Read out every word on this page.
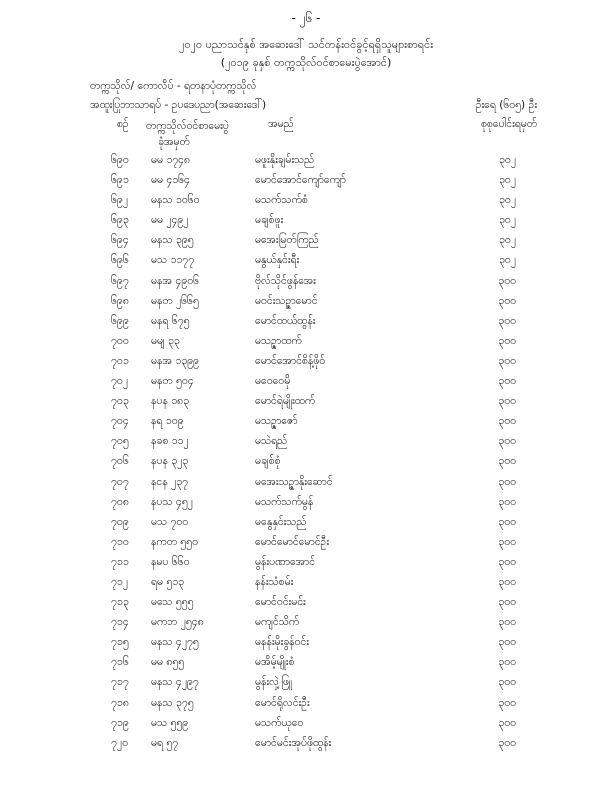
- ၂၆ -
၂၀၂၀ ပညာသင်နှစ် အဆေးဒေါ် သင်တန်းဝင်ခွင့်ရရှိသူများစာရင်း
(၂၀၁၉ ခုနှစ် တက္ကသိုလ်ဝင်စာမေးပွဲအောင်)
တက္ကသိုလ်/ ကောလိပ် - ရတနာပုံတက္ကသိုလ်
အထူးပြုဘာသာရပ် - ဥပဒေပညာ(အဆေးဒေါ်)	ဦးရေ (၆၀၅) ဦး
စဉ် တက္ကသိုလ်ဝင်စာမေးပွဲ
ခုံအမှတ်
အမည်	စုစုပေါင်းရမှတ်
၆၉၀ မမ ၁၇၄၈	မဖူးနိုးချမ်းသည်	၃၀၂
၆၉၁ မမ ၄၁၆၄	မောင်အောင်ကျော်ကျော်	၃၀၂
၆၉၂ မနသ ၁၀၆၀	မသက်သက်စံ	၃၀၂
၆၉၃ မမ ၂၄၉၂	မချစ်ဖူး	၃၀၂
၆၉၄ မနသ ၃၉၅	မအေးမြတ်ကြည်	၃၀၂
၆၉၆ မသ ၁၁၇၇	မနွယ်နှင်းရီး	၃၀၂
၆၉၇ မနအ ၄၉၀၆	ဗိုလ်သိုင်ဖွန်အေး	၃၀၀
၆၉၈ မနတ ၂၆၆၅	မဝင်းသဉ္ဇာမောင်	၃၀၀
၆၉၉ မနရ ၆၇၅	မောင်ထယ်ထွန်း	၃၀၀
၇၀၀ မမျ ၃၃	မသဉ္ဇာထက်	၃၀၀
၇၀၁ မနအ ၁၃၉၉	မောင်အောင်စိန့်ဖိုဝ်	၃၀၀
၇၀၂ မနတ ၅၀၄	မဝေဝေမို	၃၀၀
၇၀၃ နပန ၁၈၃	မောင်ရဲမျိုးထက်	၃၀၀
၇၀၄ နရ ၁၀၉	မသဉ္ဇာဇော်	၃၀၀
၇၀၅ နခစ ၁၁၂	မသဲရည်	၃၀၀
၇၀၆ နပန ၃၂၃	မချစ်စုံ	၃၀၀
၇၀၇ နငန ၂၃၇	မအေးသဉ္ဇာနိုးဆောင်	၃၀၀
၇၀၈ နပသ ၄၅၂	မသက်သက်မွန်	၃၀၀
၇၀၉ မသ ၇၀၀	မနွေနှင်းသည်	၃၀၀
၇၁၀ နကတ ၅၅၀	မောင်မောင်မောင်ဦး	၃၀၀
၇၁၁ နမပ ၆၆၀	မွန်းပဏာအောင်	၃၀၀
၇၁၂ ရမ ၅၁၃	နန်းသံစမ်း	၃၀၀
၇၁၃ မသေ ၅၅၅	မောင်ဝင်းမင်း	၃၀၀
၇၁၄ မကဘ ၂၅၄၈	မကျင်သိက်	၃၀၀
၇၁၅ မနသ ၄၂၇၅	မနန်းမိုးခွန်ဝင်း	၃၀၀
၇၁၆ မမ ၈၅၅	မအိမ့်မျိုးစံ	၃၀၀
၇၁၇ မနသ ၄၂၉၇	မွန်းလှဲ့ဖြူ	၃၀၀
၇၁၈ မနသ ၃၇၅	မောင်ရိုလင်းဦး	၃၀၀
၇၁၉ မသ ၅၅၉	မသက်ယုဝေ	၃၀၀
၇၂၀ မရ ၅၇	မောင်မင်းအုပ်ဖိုထွန်း	၃၀၀
